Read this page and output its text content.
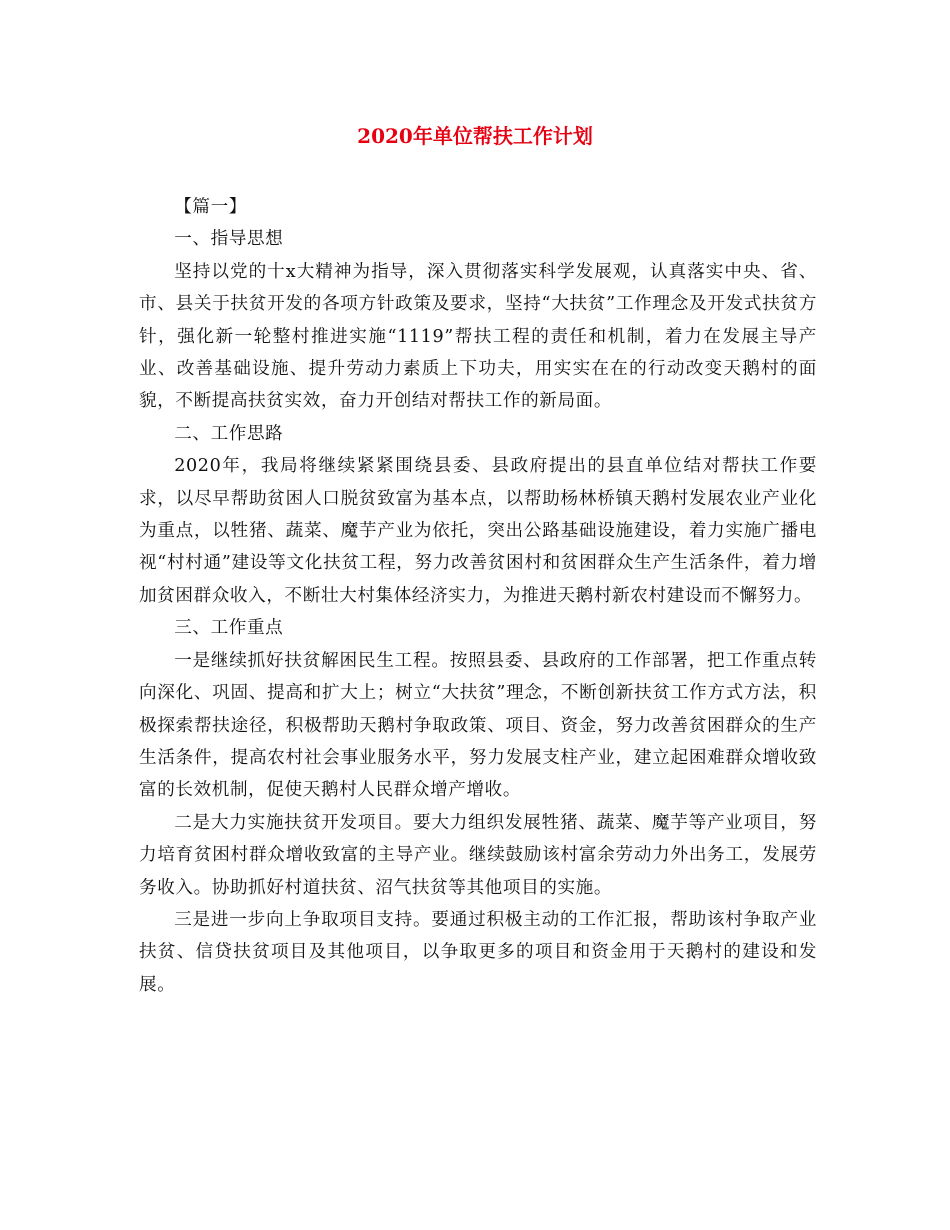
2020年单位帮扶工作计划

【篇一】

一、指导思想

坚持以党的十x大精神为指导，深入贯彻落实科学发展观，认真落实中央、省、市、县关于扶贫开发的各项方针政策及要求，坚持“大扶贫”工作理念及开发式扶贫方针，强化新一轮整村推进实施“1119”帮扶工程的责任和机制，着力在发展主导产业、改善基础设施、提升劳动力素质上下功夫，用实实在在的行动改变天鹅村的面貌，不断提高扶贫实效，奋力开创结对帮扶工作的新局面。

二、工作思路

2020年，我局将继续紧紧围绕县委、县政府提出的县直单位结对帮扶工作要求，以尽早帮助贫困人口脱贫致富为基本点，以帮助杨林桥镇天鹅村发展农业产业化为重点，以牲猪、蔬菜、魔芋产业为依托，突出公路基础设施建设，着力实施广播电视“村村通”建设等文化扶贫工程，努力改善贫困村和贫困群众生产生活条件，着力增加贫困群众收入，不断壮大村集体经济实力，为推进天鹅村新农村建设而不懈努力。

三、工作重点

一是继续抓好扶贫解困民生工程。按照县委、县政府的工作部署，把工作重点转向深化、巩固、提高和扩大上；树立“大扶贫”理念，不断创新扶贫工作方式方法，积极探索帮扶途径，积极帮助天鹅村争取政策、项目、资金，努力改善贫困群众的生产生活条件，提高农村社会事业服务水平，努力发展支柱产业，建立起困难群众增收致富的长效机制，促使天鹅村人民群众增产增收。

二是大力实施扶贫开发项目。要大力组织发展牲猪、蔬菜、魔芋等产业项目，努力培育贫困村群众增收致富的主导产业。继续鼓励该村富余劳动力外出务工，发展劳务收入。协助抓好村道扶贫、沼气扶贫等其他项目的实施。

三是进一步向上争取项目支持。要通过积极主动的工作汇报，帮助该村争取产业扶贫、信贷扶贫项目及其他项目，以争取更多的项目和资金用于天鹅村的建设和发展。
